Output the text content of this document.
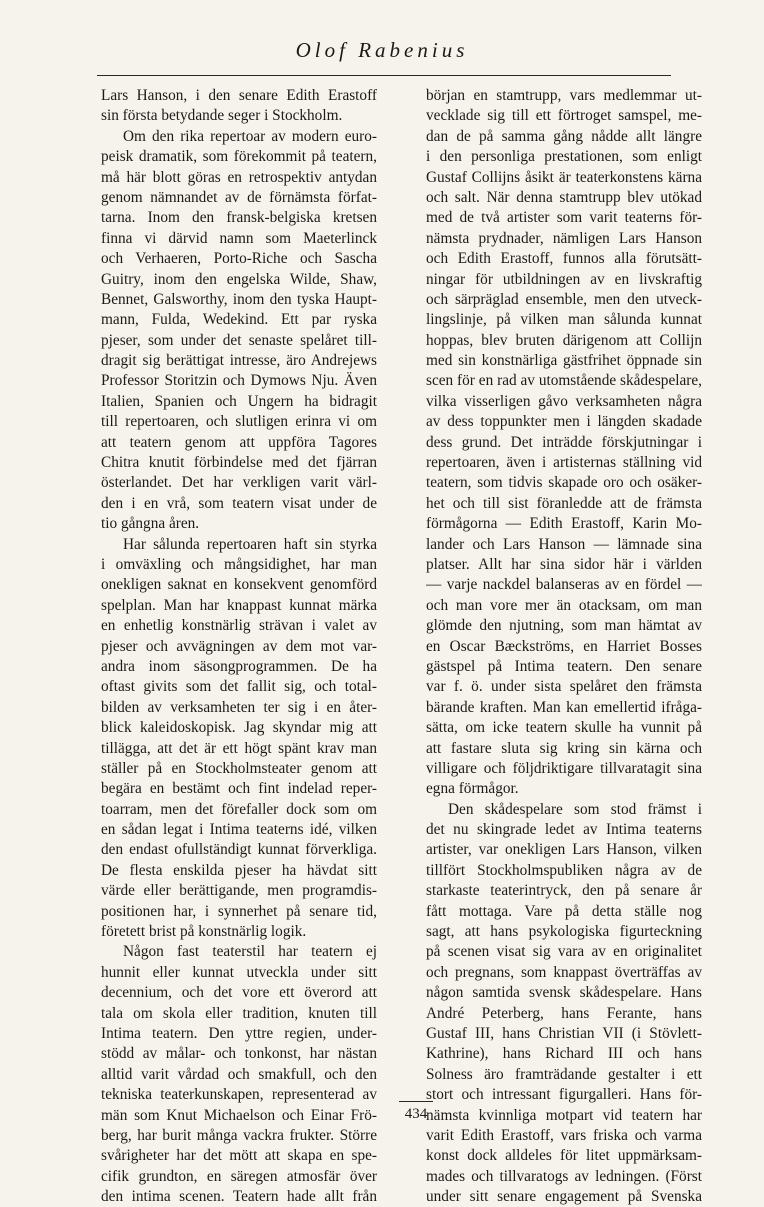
Olof Rabenius
Lars Hanson, i den senare Edith Erastoff
sin första betydande seger i Stockholm.
Om den rika repertoar av modern euro-
peisk dramatik, som förekommit på teatern,
må här blott göras en retrospektiv antydan
genom nämnandet av de förnämsta förfat-
tarna. Inom den fransk-belgiska kretsen
finna vi därvid namn som Maeterlinck
och Verhaeren, Porto-Riche och Sascha
Guitry, inom den engelska Wilde, Shaw,
Bennet, Galsworthy, inom den tyska Haupt-
mann, Fulda, Wedekind. Ett par ryska
pjeser, som under det senaste spelåret till-
dragit sig berättigat intresse, äro Andrejews
Professor Storitzin och Dymows Nju. Även
Italien, Spanien och Ungern ha bidragit
till repertoaren, och slutligen erinra vi om
att teatern genom att uppföra Tagores
Chitra knutit förbindelse med det fjärran
österlandet. Det har verkligen varit värl-
den i en vrå, som teatern visat under de
tio gångna åren.
Har sålunda repertoaren haft sin styrka
i omväxling och mångsidighet, har man
onekligen saknat en konsekvent genomförd
spelplan. Man har knappast kunnat märka
en enhetlig konstnärlig strävan i valet av
pjeser och avvägningen av dem mot var-
andra inom säsongprogrammen. De ha
oftast givits som det fallit sig, och total-
bilden av verksamheten ter sig i en åter-
blick kaleidoskopisk. Jag skyndar mig att
tillägga, att det är ett högt spänt krav man
ställer på en Stockholmsteater genom att
begära en bestämt och fint indelad reper-
toarram, men det förefaller dock som om
en sådan legat i Intima teaterns idé, vilken
den endast ofullständigt kunnat förverkliga.
De flesta enskilda pjeser ha hävdat sitt
värde eller berättigande, men programdis-
positionen har, i synnerhet på senare tid,
företett brist på konstnärlig logik.
Någon fast teaterstil har teatern ej
hunnit eller kunnat utveckla under sitt
decennium, och det vore ett överord att
tala om skola eller tradition, knuten till
Intima teatern. Den yttre regien, under-
stödd av målar- och tonkonst, har nästan
alltid varit vårdad och smakfull, och den
tekniska teaterkunskapen, representerad av
män som Knut Michaelson och Einar Frö-
berg, har burit många vackra frukter. Större
svårigheter har det mött att skapa en spe-
cifik grundton, en säregen atmosfär över
den intima scenen. Teatern hade allt från
början en stamtrupp, vars medlemmar ut-
vecklade sig till ett förtroget samspel, me-
dan de på samma gång nådde allt längre
i den personliga prestationen, som enligt
Gustaf Collijns åsikt är teaterkonstens kärna
och salt. När denna stamtrupp blev utökad
med de två artister som varit teaterns för-
nämsta prydnader, nämligen Lars Hanson
och Edith Erastoff, funnos alla förutsätt-
ningar för utbildningen av en livskraftig
och särpräglad ensemble, men den utveck-
lingslinje, på vilken man sålunda kunnat
hoppas, blev bruten därigenom att Collijn
med sin konstnärliga gästfrihet öppnade sin
scen för en rad av utomstående skådespelare,
vilka visserligen gåvo verksamheten några
av dess toppunkter men i längden skadade
dess grund. Det inträdde förskjutningar i
repertoaren, även i artisternas ställning vid
teatern, som tidvis skapade oro och osäker-
het och till sist föranledde att de främsta
förmågorna — Edith Erastoff, Karin Mo-
lander och Lars Hanson — lämnade sina
platser. Allt har sina sidor här i världen
— varje nackdel balanseras av en fördel —
och man vore mer än otacksam, om man
glömde den njutning, som man hämtat av
en Oscar Bæckströms, en Harriet Bosses
gästspel på Intima teatern. Den senare
var f. ö. under sista spelåret den främsta
bärande kraften. Man kan emellertid ifråga-
sätta, om icke teatern skulle ha vunnit på
att fastare sluta sig kring sin kärna och
villigare och följdriktigare tillvaratagit sina
egna förmågor.
Den skådespelare som stod främst i
det nu skingrade ledet av Intima teaterns
artister, var onekligen Lars Hanson, vilken
tillfört Stockholmspubliken några av de
starkaste teaterintryck, den på senare år
fått mottaga. Vare på detta ställe nog
sagt, att hans psykologiska figurteckning
på scenen visat sig vara av en originalitet
och pregnans, som knappast överträffas av
någon samtida svensk skådespelare. Hans
André Peterberg, hans Ferante, hans
Gustaf III, hans Christian VII (i Stövlett-
Kathrine), hans Richard III och hans
Solness äro framträdande gestalter i ett
stort och intressant figurgalleri. Hans för-
nämsta kvinnliga motpart vid teatern har
varit Edith Erastoff, vars friska och varma
konst dock alldeles för litet uppmärksam-
mades och tillvaratogs av ledningen. (Först
under sitt senare engagement på Svenska
434
